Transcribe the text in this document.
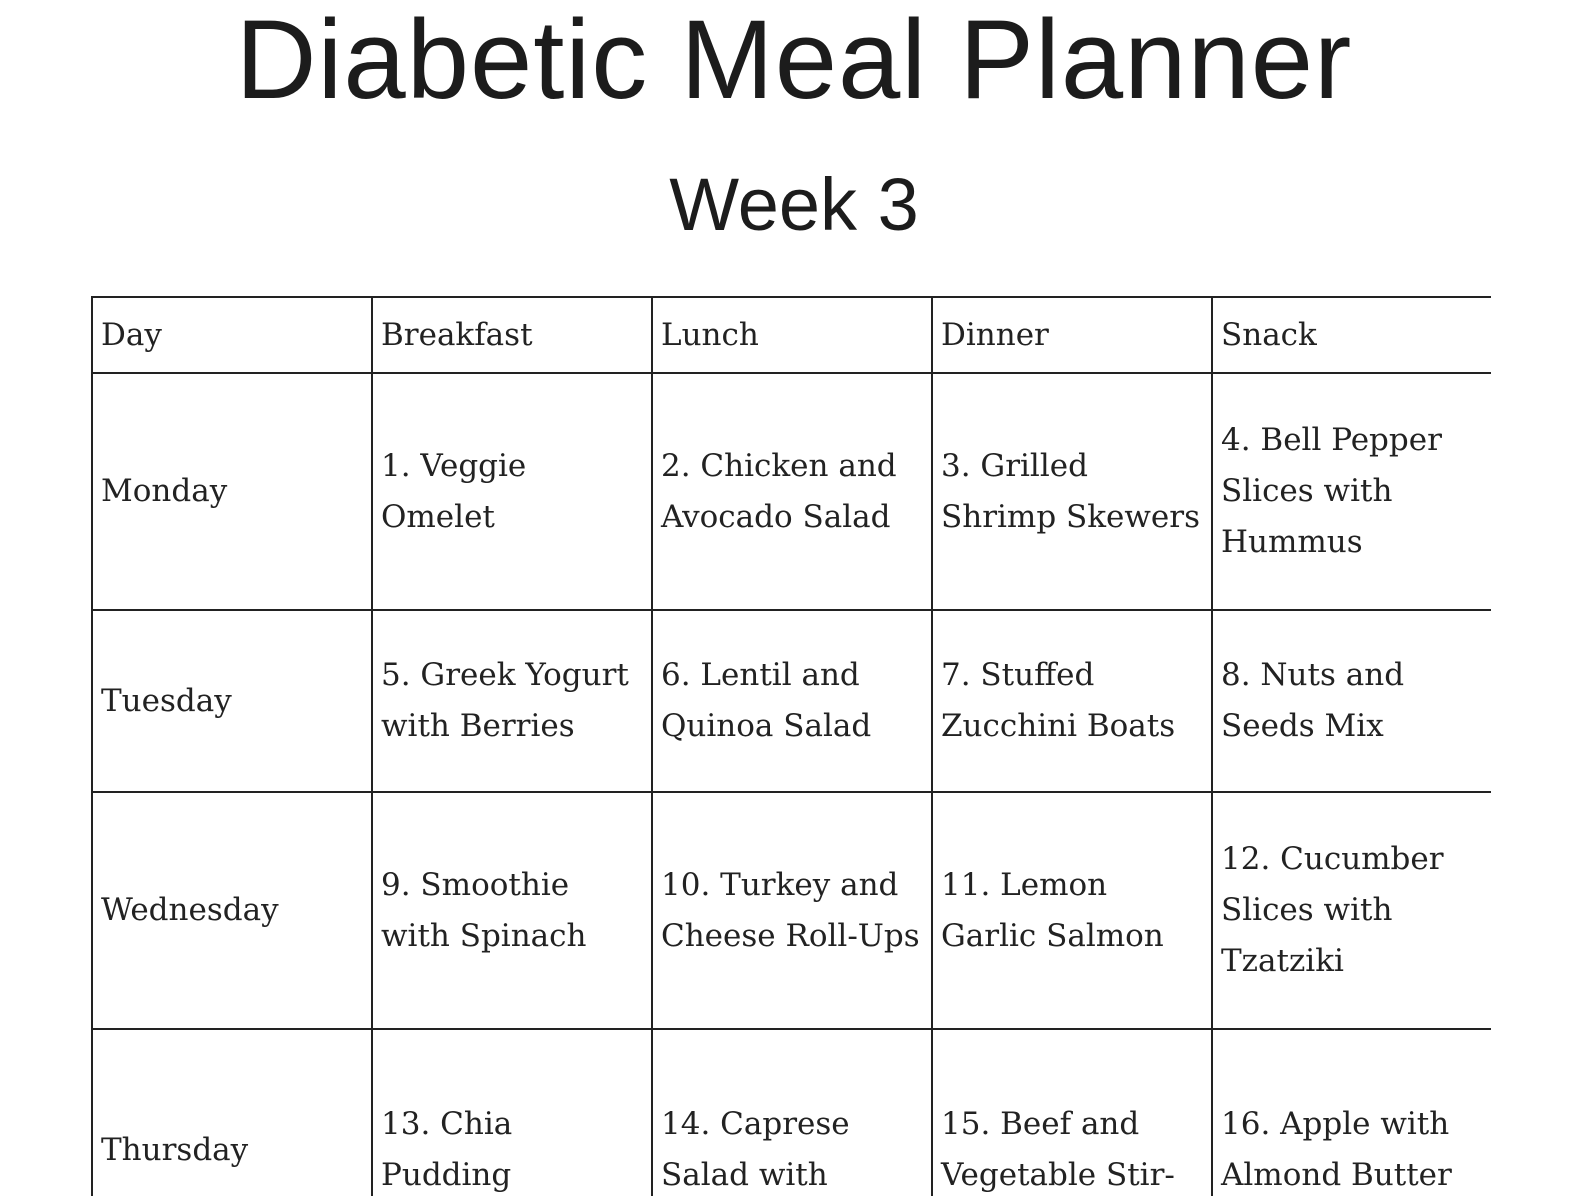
Diabetic Meal Planner
Week 3
Day	Breakfast	Lunch	Dinner	Snack
Monday	1. Veggie Omelet	2. Chicken and Avocado Salad	3. Grilled Shrimp Skewers	4. Bell Pepper Slices with Hummus
Tuesday	5. Greek Yogurt with Berries	6. Lentil and Quinoa Salad	7. Stuffed Zucchini Boats	8. Nuts and Seeds Mix
Wednesday	9. Smoothie with Spinach	10. Turkey and Cheese Roll-Ups	11. Lemon Garlic Salmon	12. Cucumber Slices with Tzatziki
Thursday	13. Chia Pudding	14. Caprese Salad with	15. Beef and Vegetable Stir-	16. Apple with Almond Butter
